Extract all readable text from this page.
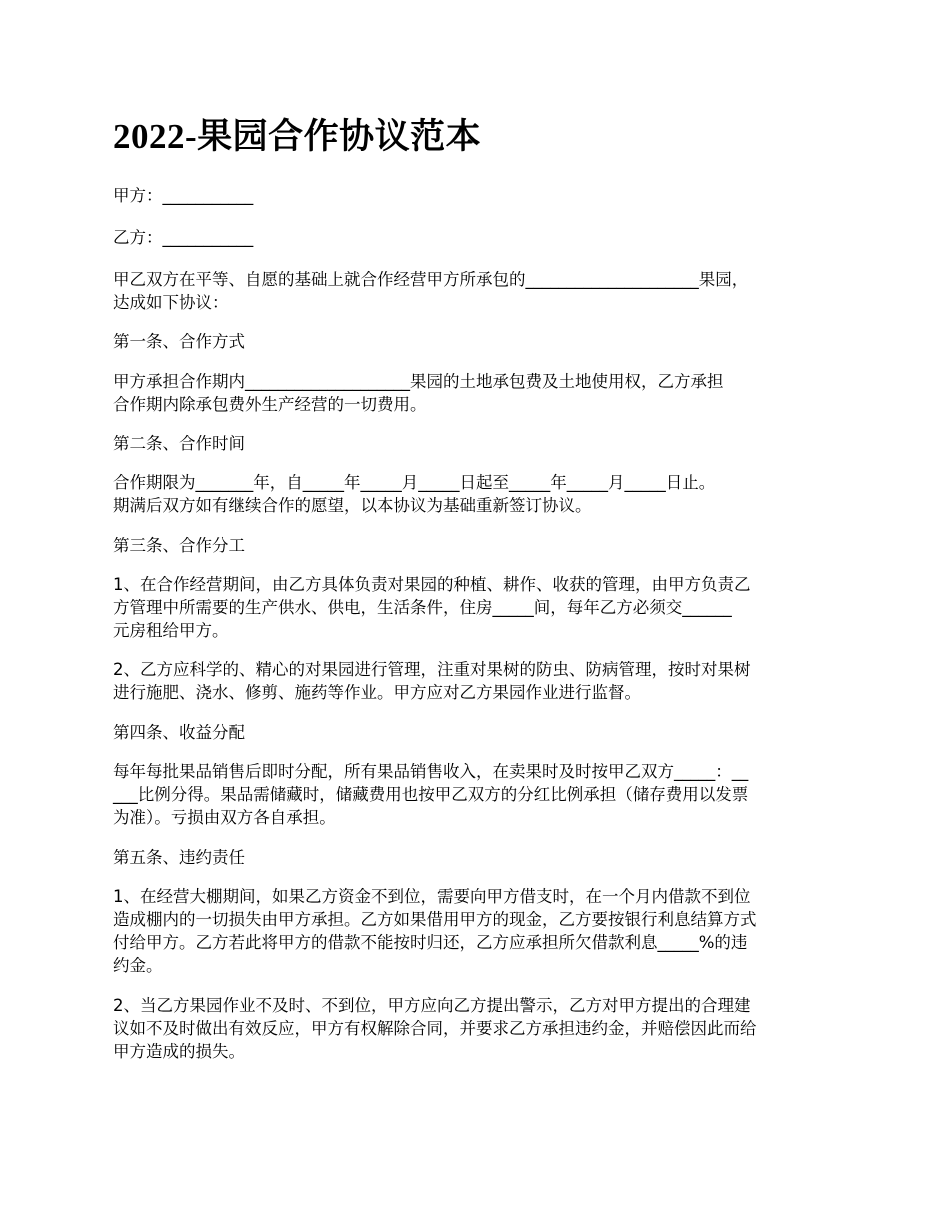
2022-果园合作协议范本

甲方：___________

乙方：___________

甲乙双方在平等、自愿的基础上就合作经营甲方所承包的_____________________果园，

达成如下协议：

第一条、合作方式

甲方承担合作期内____________________果园的土地承包费及土地使用权，乙方承担

合作期内除承包费外生产经营的一切费用。

第二条、合作时间

合作期限为_______年，自_____年_____月_____日起至_____年_____月_____日止。

期满后双方如有继续合作的愿望，以本协议为基础重新签订协议。

第三条、合作分工

1、在合作经营期间，由乙方具体负责对果园的种植、耕作、收获的管理，由甲方负责乙

方管理中所需要的生产供水、供电，生活条件，住房_____间，每年乙方必须交______

元房租给甲方。

2、乙方应科学的、精心的对果园进行管理，注重对果树的防虫、防病管理，按时对果树

进行施肥、浇水、修剪、施药等作业。甲方应对乙方果园作业进行监督。

第四条、收益分配

每年每批果品销售后即时分配，所有果品销售收入，在卖果时及时按甲乙双方_____：__

___比例分得。果品需储藏时，储藏费用也按甲乙双方的分红比例承担（储存费用以发票

为准）。亏损由双方各自承担。

第五条、违约责任

1、在经营大棚期间，如果乙方资金不到位，需要向甲方借支时，在一个月内借款不到位

造成棚内的一切损失由甲方承担。乙方如果借用甲方的现金，乙方要按银行利息结算方式

付给甲方。乙方若此将甲方的借款不能按时归还，乙方应承担所欠借款利息_____%的违

约金。

2、当乙方果园作业不及时、不到位，甲方应向乙方提出警示，乙方对甲方提出的合理建

议如不及时做出有效反应，甲方有权解除合同，并要求乙方承担违约金，并赔偿因此而给

甲方造成的损失。
